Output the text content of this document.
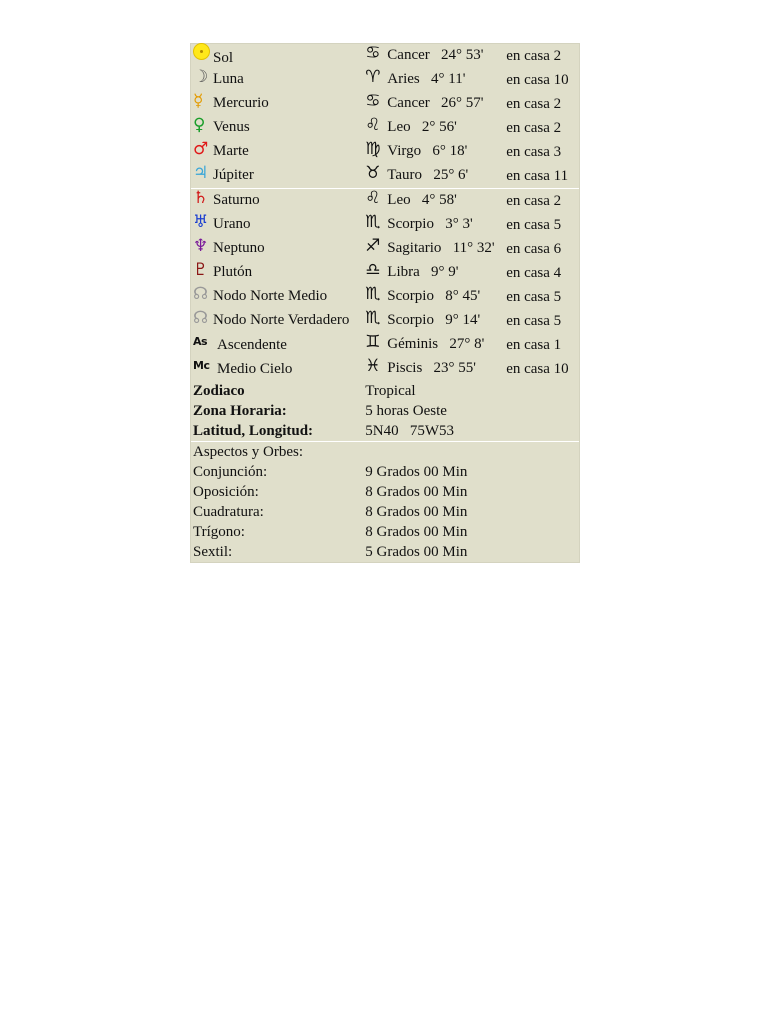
Sol	♋ Cancer 24° 53'	en casa 2
☽ Luna	♈ Aries 4° 11'	en casa 10
☿ Mercurio	♋ Cancer 26° 57'	en casa 2
♀ Venus	♌ Leo 2° 56'	en casa 2
♂ Marte	♍ Virgo 6° 18'	en casa 3
♃ Júpiter	♉ Tauro 25° 6'	en casa 11
♄ Saturno	♌ Leo 4° 58'	en casa 2
♅ Urano	♏ Scorpio 3° 3'	en casa 5
♆ Neptuno	♐ Sagitario 11° 32'	en casa 6
♇ Plutón	♎ Libra 9° 9'	en casa 4
☊ Nodo Norte Medio	♏ Scorpio 8° 45'	en casa 5
☊ Nodo Norte Verdadero	♏ Scorpio 9° 14'	en casa 5
As Ascendente	♊ Géminis 27° 8'	en casa 1
Mc Medio Cielo	♓ Piscis 23° 55'	en casa 10
Zodiaco	Tropical	
Zona Horaria:	5 horas Oeste	
Latitud, Longitud:	5N40 75W53	
Aspectos y Orbes:		
Conjunción:	9 Grados 00 Min	
Oposición:	8 Grados 00 Min	
Cuadratura:	8 Grados 00 Min	
Trígono:	8 Grados 00 Min	
Sextil:	5 Grados 00 Min	
